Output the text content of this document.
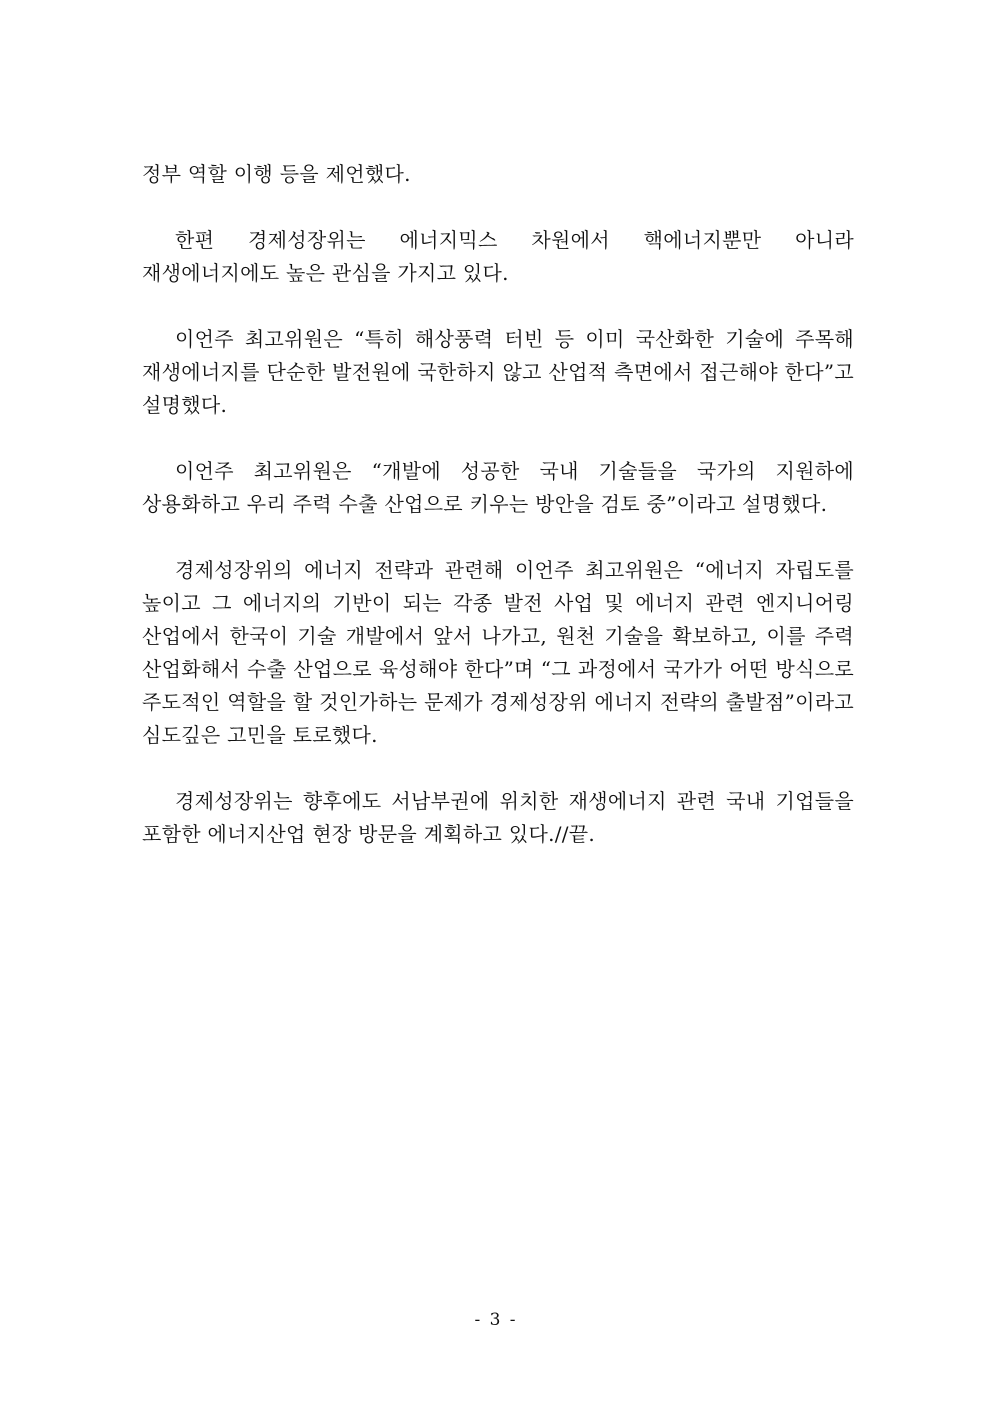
정부 역할 이행 등을 제언했다.

한편 경제성장위는 에너지믹스 차원에서 핵에너지뿐만 아니라 재생에너지에도 높은 관심을 가지고 있다.

이언주 최고위원은 “특히 해상풍력 터빈 등 이미 국산화한 기술에 주목해 재생에너지를 단순한 발전원에 국한하지 않고 산업적 측면에서 접근해야 한다”고 설명했다.

이언주 최고위원은 “개발에 성공한 국내 기술들을 국가의 지원하에 상용화하고 우리 주력 수출 산업으로 키우는 방안을 검토 중”이라고 설명했다.

경제성장위의 에너지 전략과 관련해 이언주 최고위원은 “에너지 자립도를 높이고 그 에너지의 기반이 되는 각종 발전 사업 및 에너지 관련 엔지니어링 산업에서 한국이 기술 개발에서 앞서 나가고, 원천 기술을 확보하고, 이를 주력 산업화해서 수출 산업으로 육성해야 한다”며 “그 과정에서 국가가 어떤 방식으로 주도적인 역할을 할 것인가하는 문제가 경제성장위 에너지 전략의 출발점”이라고 심도깊은 고민을 토로했다.

경제성장위는 향후에도 서남부권에 위치한 재생에너지 관련 국내 기업들을 포함한 에너지산업 현장 방문을 계획하고 있다.//끝.

- 3 -
